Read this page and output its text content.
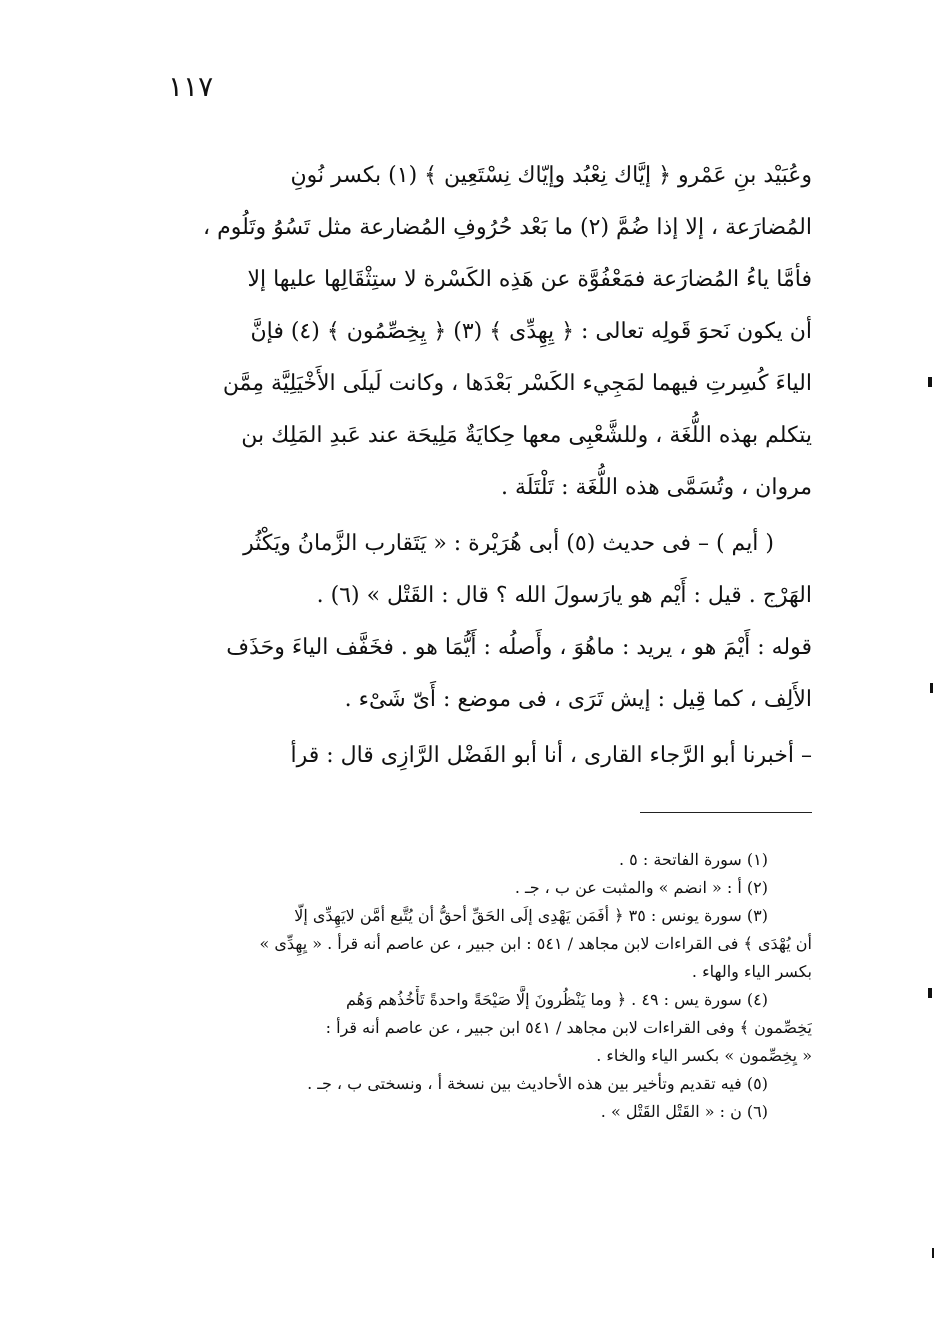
١١٧
وعُبَيْد بنِ عَمْرو ﴿ إيَّاك نِعْبُد وإيّاك نِسْتَعِين ﴾ (١) بكسر نُونِ
المُضارَعة ، إلا إذا ضُمَّ (٢) ما بَعْد حُرُوفِ المُضارعة مثل تَسُوُ وتَلُوم ،
فأمَّا ياءُ المُضارَعة فمَعْفُوَّة عن هَذِه الكَسْرة لا ستِثْقَالِها عليها إلا
أن يكون نَحوَ قَولِه تعالى : ﴿ يِهِدِّى ﴾ (٣) ﴿ يِخِصِّمُون ﴾ (٤) فإنَّ
الياءَ كُسِرتِ فيهما لمَجِيء الكَسْر بَعْدَها ، وكانت لَيلَى الأَخْيَلِيَّة مِمَّن
يتكلم بهذه اللُّغَة ، وللشَّعْبِى معها حِكايَةٌ مَلِيحَة عند عَبدِ المَلِك بن
مروان ، وتُسَمَّى هذه اللُّغَة : تَلْتَلَة .
( أيم ) – فى حديث (٥) أبى هُرَيْرة : « يَتَقارب الزَّمانُ ويَكْثُر
الهَرْج . قيل : أَيْم هو يارَسولَ الله ؟ قال : القَتْل » (٦) .
قوله : أَيْمَ هو ، يريد : ماهُوَ ، وأَصلُه : أَيُّمَا هو . فخَفَّف الياءَ وحَذَف
الأَلِف ، كما قِيل : إيش تَرَى ، فى موضع : أَىّ شَىْء .
– أخبرنا أبو الرَّجاء القارى ، أنا أبو الفَضْل الرَّازِى قال : قرأ
(١) سورة الفاتحة : ٥ .
(٢) أ : « انضم » والمثبت عن ب ، جـ .
(٣) سورة يونس : ٣٥ ﴿ أفَمَن يَهْدِى إلَى الحَقِّ أحقُّ أن يُتَّبع أمَّن لايَهِدِّى إلّا
أن يُهْدَى ﴾ فى القراءات لابن مجاهد / ٥٤١ : ابن جبير ، عن عاصم أنه قرأ . « يِهِدِّى »
بكسر الياء والهاء .
(٤) سورة يس : ٤٩ . ﴿ وما يَنْظُرونَ إلَّا صَيْحَةً واحدةً تَأْخُذُهم وَهُم
يَخِصِّمون ﴾ وفى القراءات لابن مجاهد / ٥٤١ ابن جبير ، عن عاصم أنه قرأ :
« يِخِصِّمون » بكسر الياء والخاء .
(٥) فيه تقديم وتأخير بين هذه الأحاديث بين نسخة أ ، ونسختى ب ، جـ .
(٦) ن : « القَتْل القَتْل » .
